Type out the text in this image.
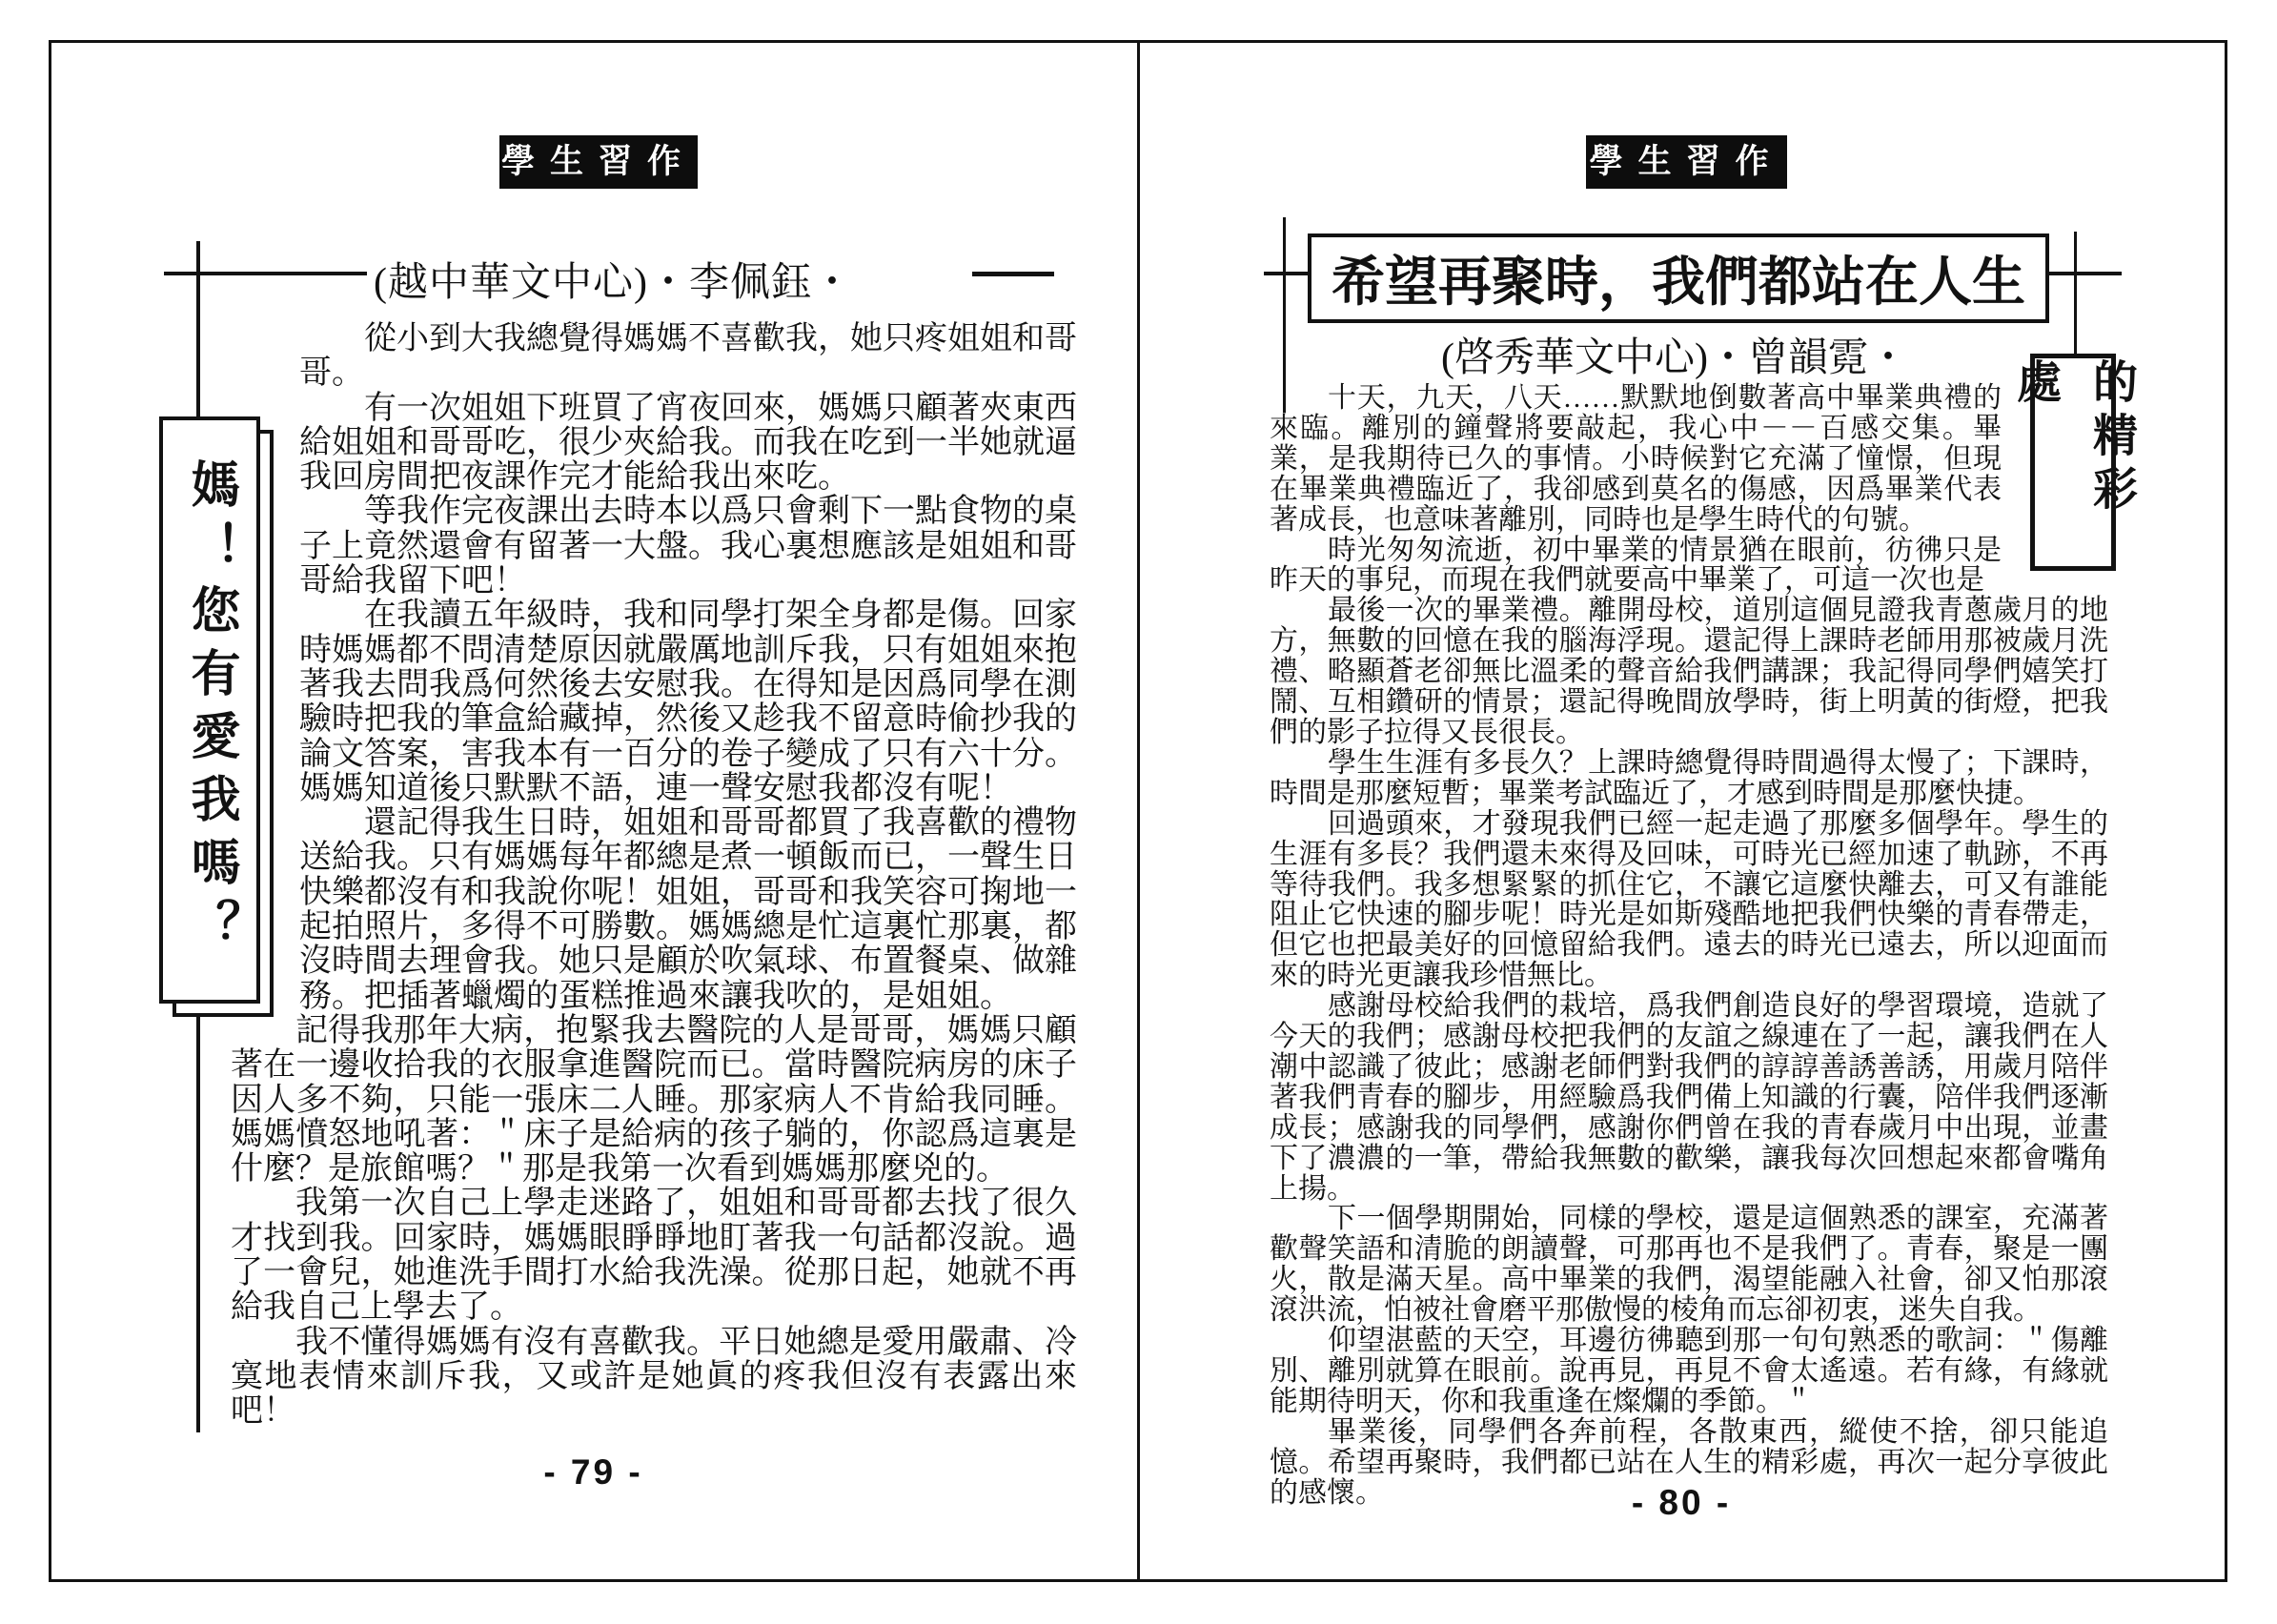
學生習作
(越中華文中心)・李佩鈺・
媽！您有愛我嗎？

從小到大我總覺得媽媽不喜歡我，她只疼姐姐和哥哥。

有一次姐姐下班買了宵夜回來，媽媽只顧著夾東西給姐姐和哥哥吃，很少夾給我。而我在吃到一半她就逼我回房間把夜課作完才能給我出來吃。

等我作完夜課出去時本以爲只會剩下一點食物的桌子上竟然還會有留著一大盤。我心裏想應該是姐姐和哥哥給我留下吧！

在我讀五年級時，我和同學打架全身都是傷。回家時媽媽都不問清楚原因就嚴厲地訓斥我，只有姐姐來抱著我去問我爲何然後去安慰我。在得知是因爲同學在測驗時把我的筆盒給藏掉，然後又趁我不留意時偷抄我的論文答案，害我本有一百分的卷子變成了只有六十分。媽媽知道後只默默不語，連一聲安慰我都沒有呢！

還記得我生日時，姐姐和哥哥都買了我喜歡的禮物送給我。只有媽媽每年都總是煮一頓飯而已，一聲生日快樂都沒有和我說你呢！姐姐，哥哥和我笑容可掬地一起拍照片，多得不可勝數。媽媽總是忙這裏忙那裏，都沒時間去理會我。她只是顧於吹氣球、布置餐桌、做雜務。把插著蠟燭的蛋糕推過來讓我吹的，是姐姐。

記得我那年大病，抱緊我去醫院的人是哥哥，媽媽只顧著在一邊收拾我的衣服拿進醫院而已。當時醫院病房的床子因人多不夠，只能一張床二人睡。那家病人不肯給我同睡。媽媽憤怒地吼著：＂床子是給病的孩子躺的，你認爲這裏是什麼？是旅館嗎？＂那是我第一次看到媽媽那麼兇的。

我第一次自己上學走迷路了，姐姐和哥哥都去找了很久才找到我。回家時，媽媽眼睜睜地盯著我一句話都沒說。過了一會兒，她進洗手間打水給我洗澡。從那日起，她就不再給我自己上學去了。

我不懂得媽媽有沒有喜歡我。平日她總是愛用嚴肅、冷寞地表情來訓斥我，又或許是她眞的疼我但沒有表露出來吧！

- 79 -
學生習作
希望再聚時，我們都站在人生
(啓秀華文中心)・曾韻霓・	的精彩處

十天，九天，八天……默默地倒數著高中畢業典禮的來臨。離別的鐘聲將要敲起，我心中－－百感交集。畢業，是我期待已久的事情。小時候對它充滿了憧憬，但現在畢業典禮臨近了，我卻感到莫名的傷感，因爲畢業代表著成長，也意味著離別，同時也是學生時代的句號。

時光匆匆流逝，初中畢業的情景猶在眼前，彷彿只是昨天的事兒，而現在我們就要高中畢業了，可這一次也是

最後一次的畢業禮。離開母校，道別這個見證我青蔥歲月的地方，無數的回憶在我的腦海浮現。還記得上課時老師用那被歲月洗禮、略顯蒼老卻無比溫柔的聲音給我們講課；我記得同學們嬉笑打鬧、互相鑽研的情景；還記得晚間放學時，街上明黃的街燈，把我們的影子拉得又長很長。

學生生涯有多長久？上課時總覺得時間過得太慢了；下課時，時間是那麼短暫；畢業考試臨近了，才感到時間是那麼快捷。

回過頭來，才發現我們已經一起走過了那麼多個學年。學生的生涯有多長？我們還未來得及回味，可時光已經加速了軌跡，不再等待我們。我多想緊緊的抓住它，不讓它這麼快離去，可又有誰能阻止它快速的腳步呢！時光是如斯殘酷地把我們快樂的青春帶走，但它也把最美好的回憶留給我們。遠去的時光已遠去，所以迎面而來的時光更讓我珍惜無比。

感謝母校給我們的栽培，爲我們創造良好的學習環境，造就了今天的我們；感謝母校把我們的友誼之線連在了一起，讓我們在人潮中認識了彼此；感謝老師們對我們的諄諄善誘善誘，用歲月陪伴著我們青春的腳步，用經驗爲我們備上知識的行囊，陪伴我們逐漸成長；感謝我的同學們，感謝你們曾在我的青春歲月中出現，並畫下了濃濃的一筆，帶給我無數的歡樂，讓我每次回想起來都會嘴角上揚。

下一個學期開始，同樣的學校，還是這個熟悉的課室，充滿著歡聲笑語和清脆的朗讀聲，可那再也不是我們了。青春，聚是一團火，散是滿天星。高中畢業的我們，渴望能融入社會，卻又怕那滾滾洪流，怕被社會磨平那傲慢的棱角而忘卻初衷，迷失自我。

仰望湛藍的天空，耳邊彷彿聽到那一句句熟悉的歌詞：＂傷離別、離別就算在眼前。說再見，再見不會太遙遠。若有緣，有緣就能期待明天，你和我重逢在燦爛的季節。＂

畢業後，同學們各奔前程，各散東西，縱使不捨，卻只能追憶。希望再聚時，我們都已站在人生的精彩處，再次一起分享彼此的感懷。	- 80 -
